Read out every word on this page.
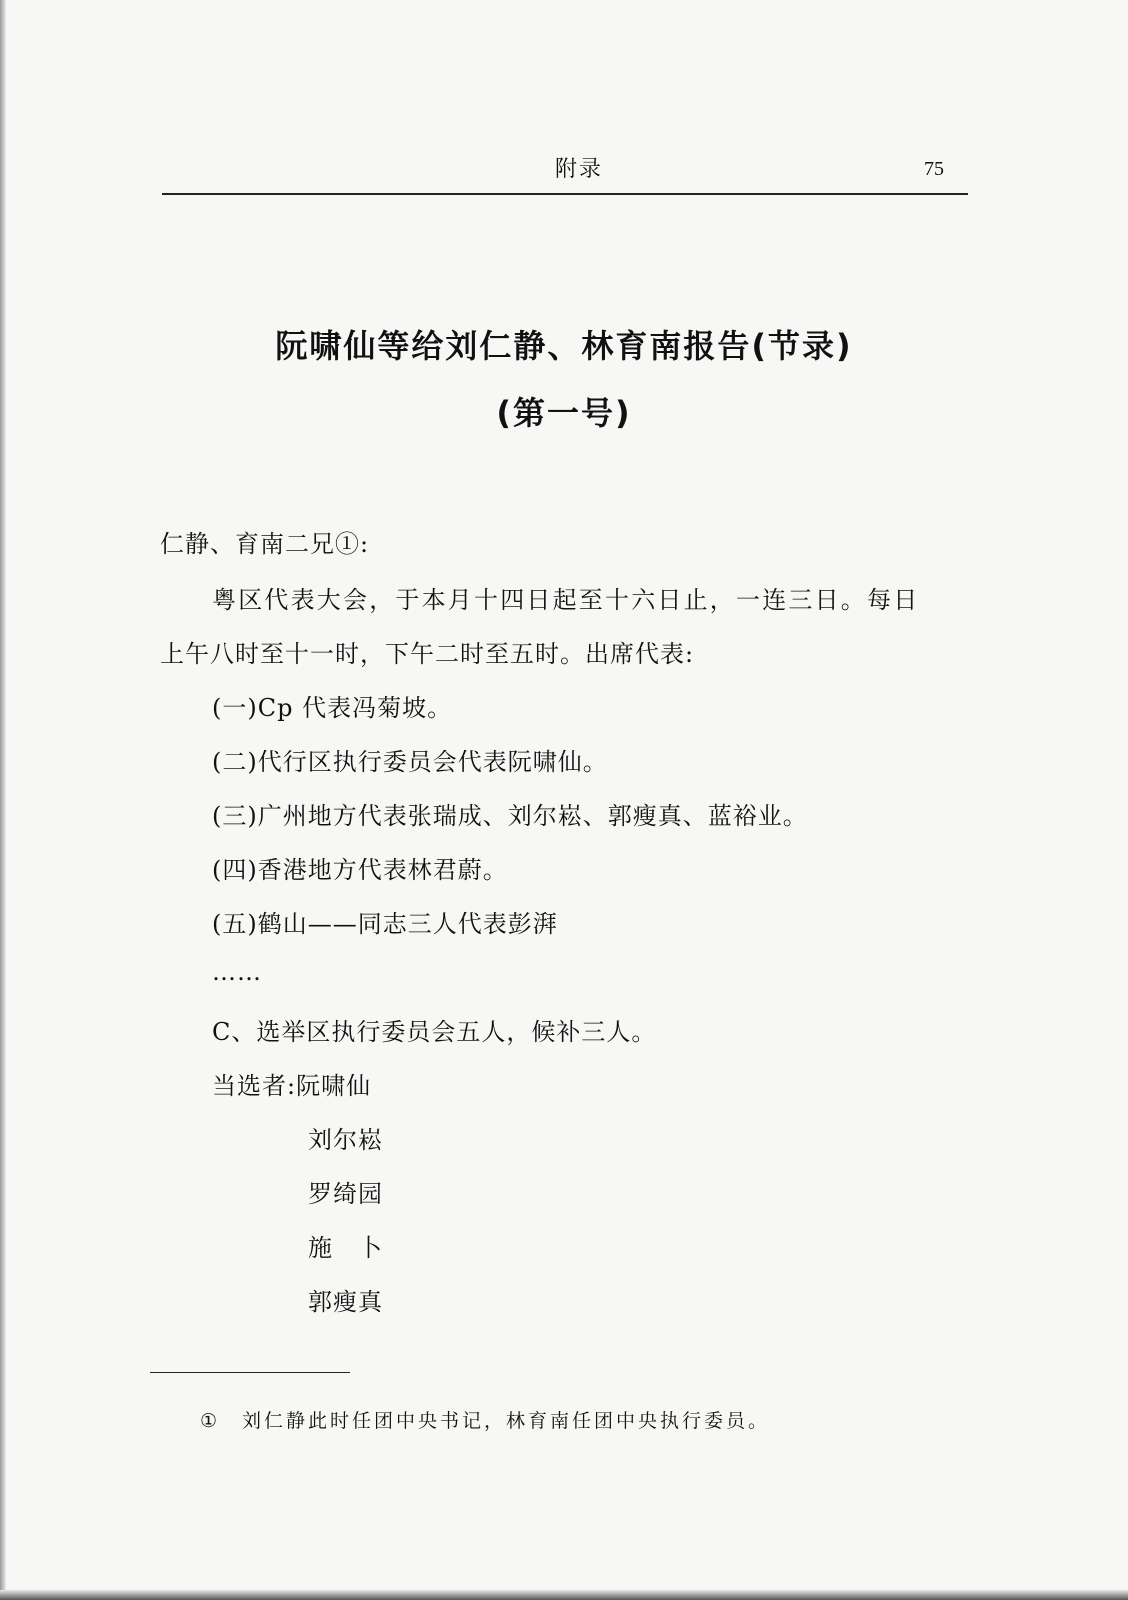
附录	75
阮啸仙等给刘仁静、林育南报告(节录)
(第一号)
仁静、育南二兄①:
粤区代表大会，于本月十四日起至十六日止，一连三日。每日
上午八时至十一时，下午二时至五时。出席代表:
(一)Cp 代表冯菊坡。
(二)代行区执行委员会代表阮啸仙。
(三)广州地方代表张瑞成、刘尔崧、郭瘦真、蓝裕业。
(四)香港地方代表林君蔚。
(五)鹤山——同志三人代表彭湃
……
C、选举区执行委员会五人，候补三人。
当选者:阮啸仙
刘尔崧
罗绮园
施　卜
郭瘦真
① 刘仁静此时任团中央书记，林育南任团中央执行委员。
